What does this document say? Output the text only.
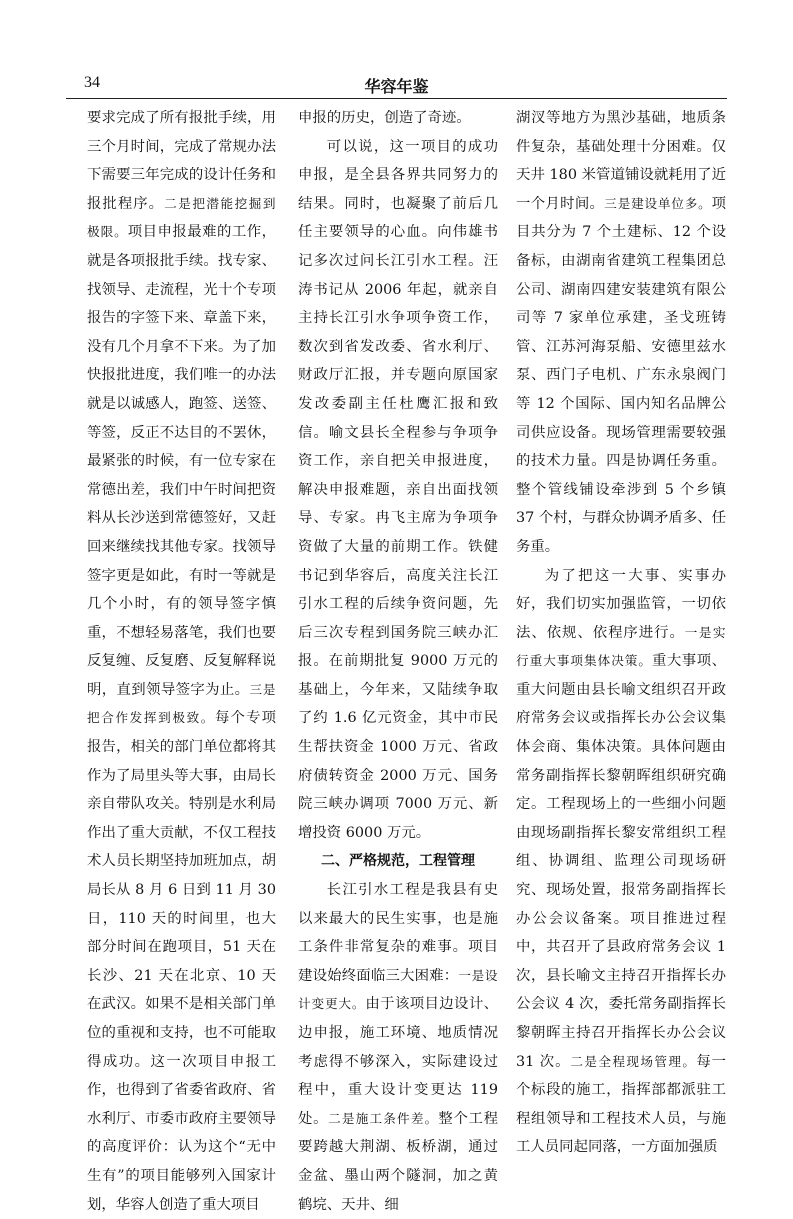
34	华容年鉴

要求完成了所有报批手续，用三个月时间，完成了常规办法下需要三年完成的设计任务和报批程序。二是把潜能挖掘到极限。项目申报最难的工作，就是各项报批手续。找专家、找领导、走流程，光十个专项报告的字签下来、章盖下来，没有几个月拿不下来。为了加快报批进度，我们唯一的办法就是以诚感人，跑签、送签、等签，反正不达目的不罢休，最紧张的时候，有一位专家在常德出差，我们中午时间把资料从长沙送到常德签好，又赶回来继续找其他专家。找领导签字更是如此，有时一等就是几个小时，有的领导签字慎重，不想轻易落笔，我们也要反复缠、反复磨、反复解释说明，直到领导签字为止。三是把合作发挥到极致。每个专项报告，相关的部门单位都将其作为了局里头等大事，由局长亲自带队攻关。特别是水利局作出了重大贡献，不仅工程技术人员长期坚持加班加点，胡局长从 8 月 6 日到 11 月 30 日，110 天的时间里，也大部分时间在跑项目，51 天在长沙、21 天在北京、10 天在武汉。如果不是相关部门单位的重视和支持，也不可能取得成功。这一次项目申报工作，也得到了省委省政府、省水利厅、市委市政府主要领导的高度评价：认为这个“无中生有”的项目能够列入国家计划，华容人创造了重大项目

申报的历史，创造了奇迹。

可以说，这一项目的成功申报，是全县各界共同努力的结果。同时，也凝聚了前后几任主要领导的心血。向伟雄书记多次过问长江引水工程。汪涛书记从 2006 年起，就亲自主持长江引水争项争资工作，数次到省发改委、省水利厅、财政厅汇报，并专题向原国家发改委副主任杜鹰汇报和致信。喻文县长全程参与争项争资工作，亲自把关申报进度，解决申报难题，亲自出面找领导、专家。冉飞主席为争项争资做了大量的前期工作。铁健书记到华容后，高度关注长江引水工程的后续争资问题，先后三次专程到国务院三峡办汇报。在前期批复 9000 万元的基础上，今年来，又陆续争取了约 1.6 亿元资金，其中市民生帮扶资金 1000 万元、省政府债转资金 2000 万元、国务院三峡办调项 7000 万元、新增投资 6000 万元。

二、严格规范，工程管理

长江引水工程是我县有史以来最大的民生实事，也是施工条件非常复杂的难事。项目建设始终面临三大困难：一是设计变更大。由于该项目边设计、边申报，施工环境、地质情况考虑得不够深入，实际建设过程中，重大设计变更达 119 处。二是施工条件差。整个工程要跨越大荆湖、板桥湖，通过金盆、墨山两个隧洞，加之黄鹤垸、天井、细

湖汊等地方为黑沙基础，地质条件复杂，基础处理十分困难。仅天井 180 米管道铺设就耗用了近一个月时间。三是建设单位多。项目共分为 7 个土建标、12 个设备标，由湖南省建筑工程集团总公司、湖南四建安装建筑有限公司等 7 家单位承建，圣戈班铸管、江苏河海泵船、安德里兹水泵、西门子电机、广东永泉阀门等 12 个国际、国内知名品牌公司供应设备。现场管理需要较强的技术力量。四是协调任务重。整个管线铺设牵涉到 5 个乡镇 37 个村，与群众协调矛盾多、任务重。

为了把这一大事、实事办好，我们切实加强监管，一切依法、依规、依程序进行。一是实行重大事项集体决策。重大事项、重大问题由县长喻文组织召开政府常务会议或指挥长办公会议集体会商、集体决策。具体问题由常务副指挥长黎朝晖组织研究确定。工程现场上的一些细小问题由现场副指挥长黎安常组织工程组、协调组、监理公司现场研究、现场处置，报常务副指挥长办公会议备案。项目推进过程中，共召开了县政府常务会议 1 次，县长喻文主持召开指挥长办公会议 4 次，委托常务副指挥长黎朝晖主持召开指挥长办公会议 31 次。二是全程现场管理。每一个标段的施工，指挥部都派驻工程组领导和工程技术人员，与施工人员同起同落，一方面加强质
